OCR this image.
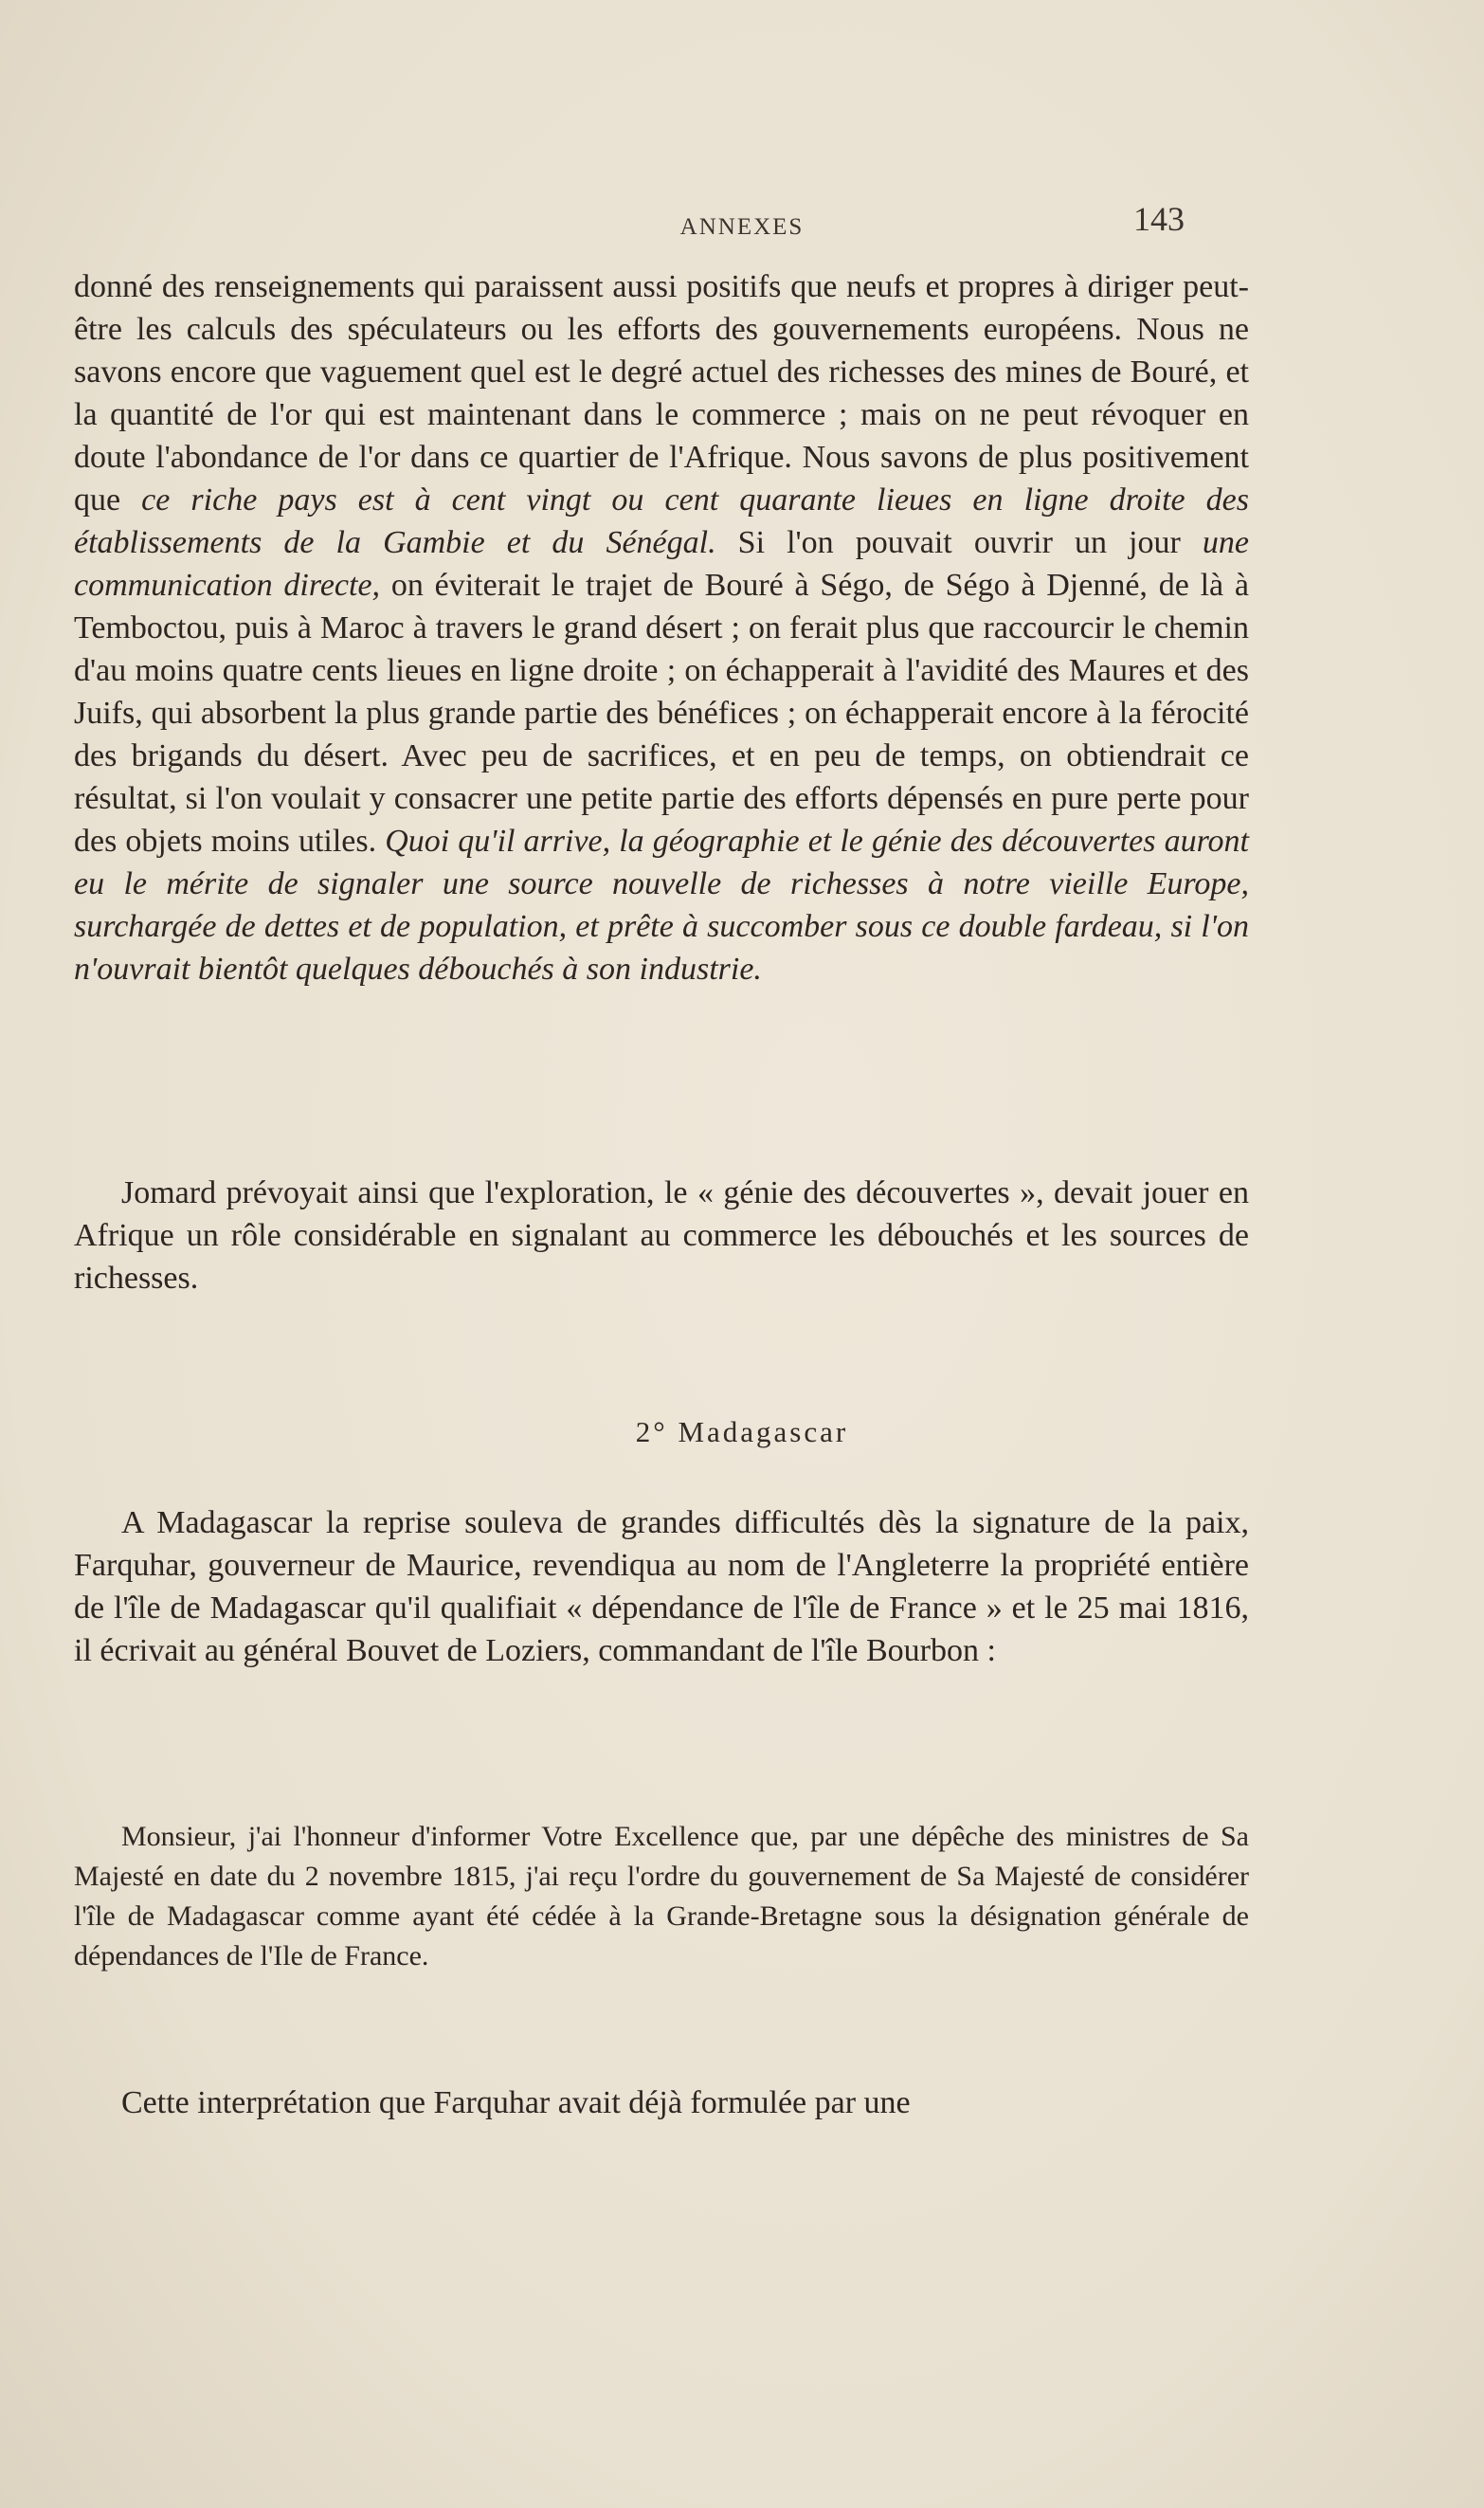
ANNEXES	143

donné des renseignements qui paraissent aussi positifs que neufs et propres à diriger peut-être les calculs des spéculateurs ou les efforts des gouvernements européens. Nous ne savons encore que vaguement quel est le degré actuel des richesses des mines de Bouré, et la quantité de l'or qui est maintenant dans le commerce ; mais on ne peut révoquer en doute l'abondance de l'or dans ce quartier de l'Afrique. Nous savons de plus positivement que ce riche pays est à cent vingt ou cent quarante lieues en ligne droite des établissements de la Gambie et du Sénégal. Si l'on pouvait ouvrir un jour une communication directe, on éviterait le trajet de Bouré à Ségo, de Ségo à Djenné, de là à Temboctou, puis à Maroc à travers le grand désert ; on ferait plus que raccourcir le chemin d'au moins quatre cents lieues en ligne droite ; on échapperait à l'avidité des Maures et des Juifs, qui absorbent la plus grande partie des bénéfices ; on échapperait encore à la férocité des brigands du désert. Avec peu de sacrifices, et en peu de temps, on obtiendrait ce résultat, si l'on voulait y consacrer une petite partie des efforts dépensés en pure perte pour des objets moins utiles. Quoi qu'il arrive, la géographie et le génie des découvertes auront eu le mérite de signaler une source nouvelle de richesses à notre vieille Europe, surchargée de dettes et de population, et prête à succomber sous ce double fardeau, si l'on n'ouvrait bientôt quelques débouchés à son industrie.

Jomard prévoyait ainsi que l'exploration, le « génie des découvertes », devait jouer en Afrique un rôle considérable en signalant au commerce les débouchés et les sources de richesses.

2° Madagascar

A Madagascar la reprise souleva de grandes difficultés dès la signature de la paix, Farquhar, gouverneur de Maurice, revendiqua au nom de l'Angleterre la propriété entière de l'île de Madagascar qu'il qualifiait « dépendance de l'île de France » et le 25 mai 1816, il écrivait au général Bouvet de Loziers, commandant de l'île Bourbon :

Monsieur, j'ai l'honneur d'informer Votre Excellence que, par une dépêche des ministres de Sa Majesté en date du 2 novembre 1815, j'ai reçu l'ordre du gouvernement de Sa Majesté de considérer l'île de Madagascar comme ayant été cédée à la Grande-Bretagne sous la désignation générale de dépendances de l'Ile de France.

Cette interprétation que Farquhar avait déjà formulée par une
